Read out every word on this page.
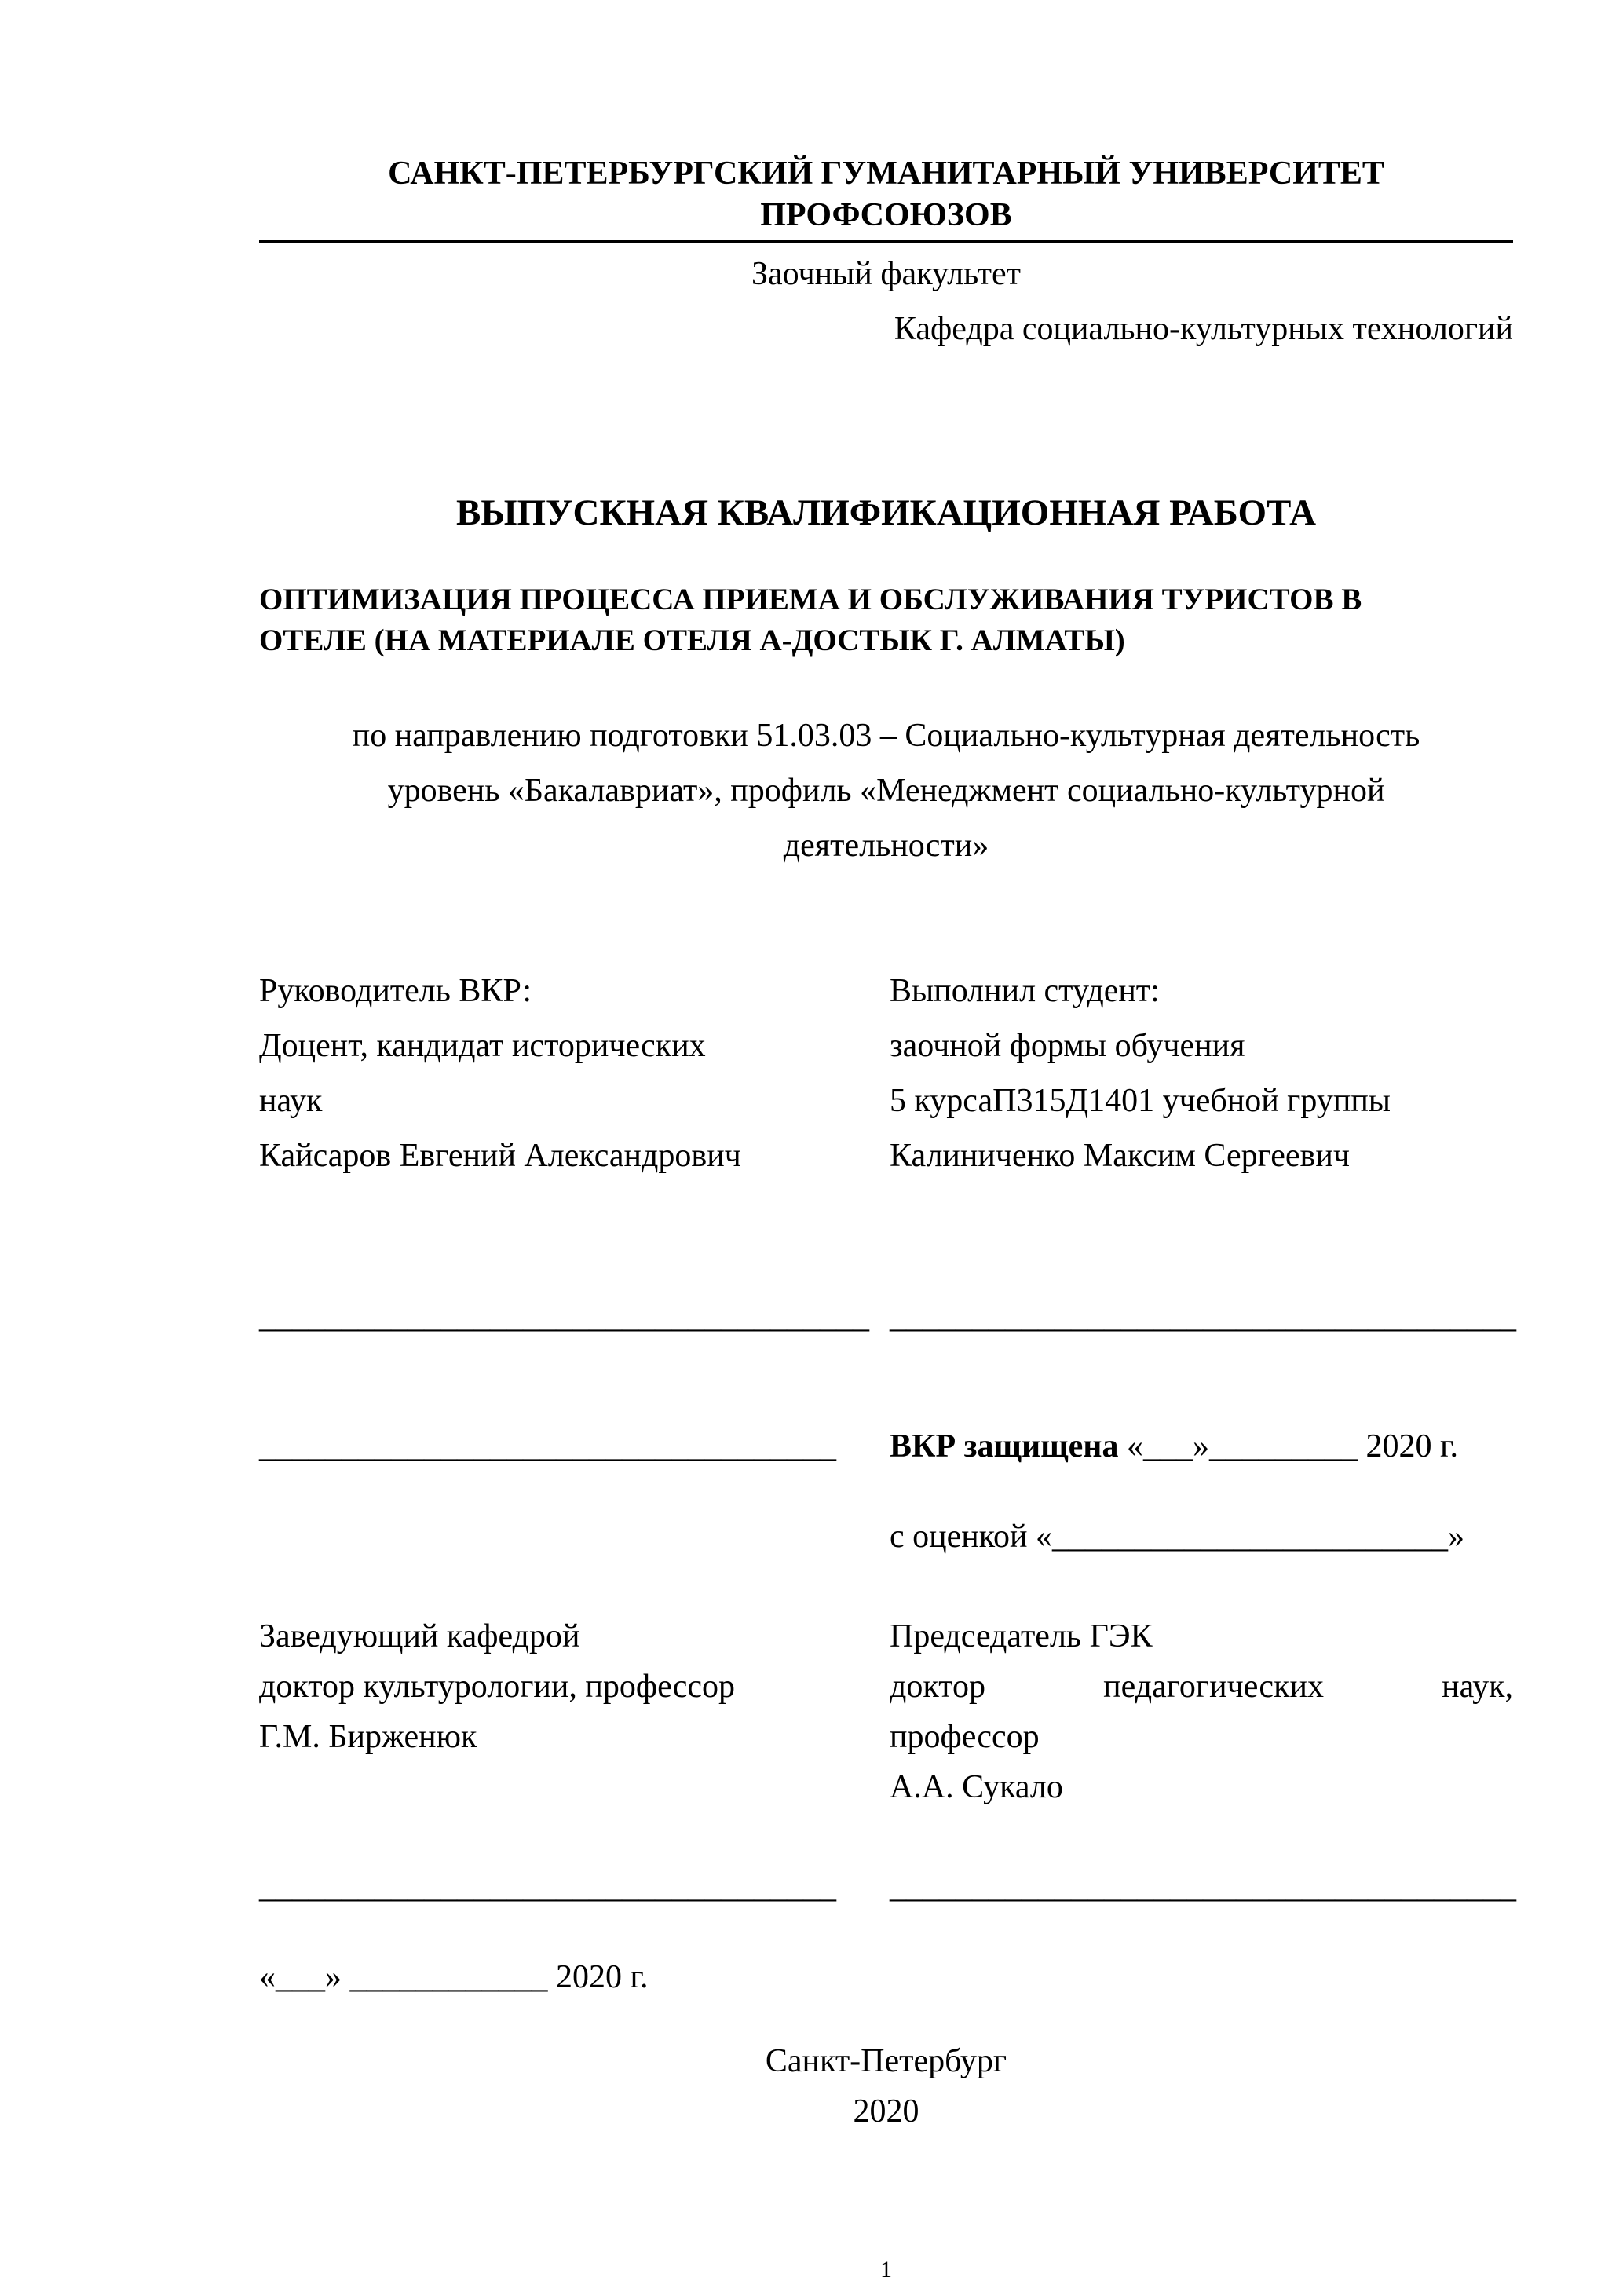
САНКТ-ПЕТЕРБУРГСКИЙ ГУМАНИТАРНЫЙ УНИВЕРСИТЕТ ПРОФСОЮЗОВ
Заочный факультет
Кафедра социально-культурных технологий
ВЫПУСКНАЯ КВАЛИФИКАЦИОННАЯ РАБОТА
ОПТИМИЗАЦИЯ ПРОЦЕССА ПРИЕМА И ОБСЛУЖИВАНИЯ ТУРИСТОВ В
ОТЕЛЕ (НА МАТЕРИАЛЕ ОТЕЛЯ А-ДОСТЫК Г. АЛМАТЫ)
по направлению подготовки 51.03.03 – Социально-культурная деятельность
уровень «Бакалавриат», профиль «Менеджмент социально-культурной
деятельности»
Руководитель ВКР:
Доцент, кандидат исторических
наук
Кайсаров Евгений Александрович
Выполнил студент:
заочной формы обучения
5 курсаП315Д1401 учебной группы
Калиниченко Максим Сергеевич
_____________________________________ ______________________________________
___________________________________	ВКР защищена «___»_________ 2020 г.
с оценкой «________________________»
Заведующий кафедрой
доктор культурологии, профессор
Г.М. Бирженюк
Председатель ГЭК
доктор педагогических наук,
профессор
А.А. Сукало
___________________________________	______________________________________
«___» ____________ 2020 г.
Санкт-Петербург
2020
1
